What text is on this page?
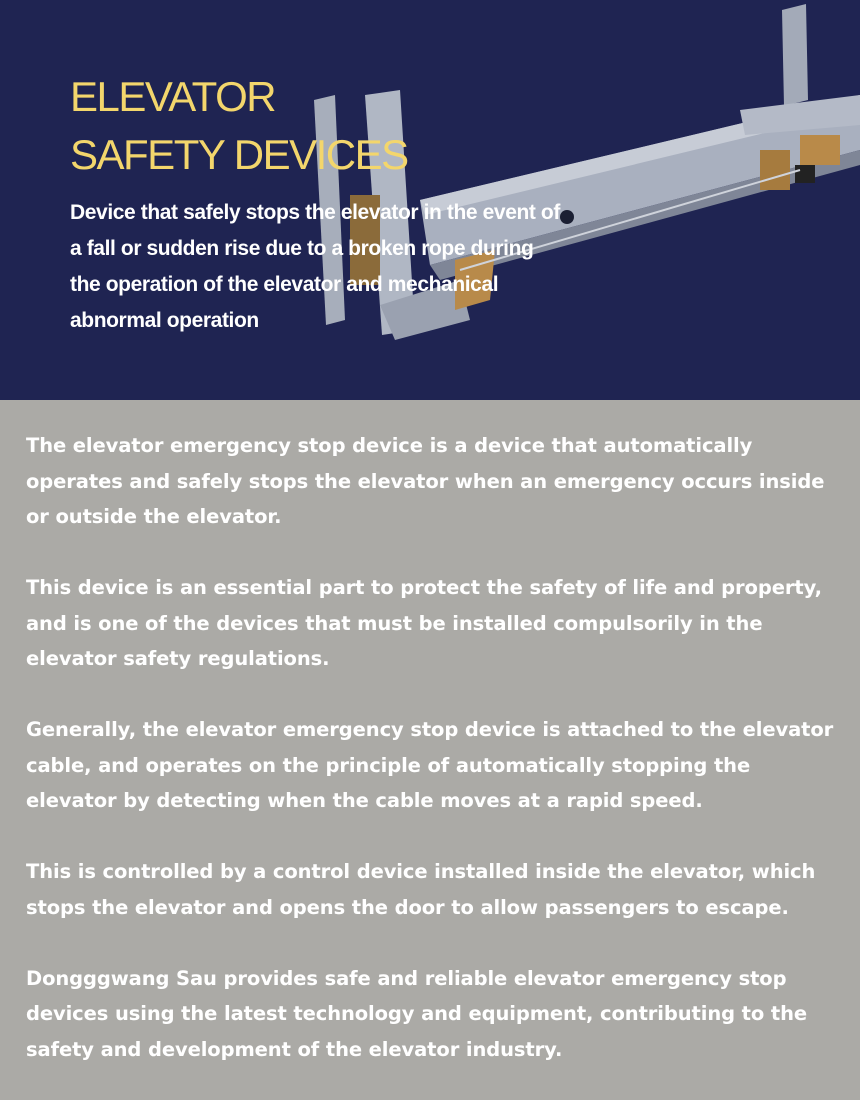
ELEVATOR
SAFETY DEVICES

Device that safely stops the elevator in the event of a fall or sudden rise due to a broken rope during the operation of the elevator and mechanical abnormal operation

The elevator emergency stop device is a device that automatically operates and safely stops the elevator when an emergency occurs inside or outside the elevator.

This device is an essential part to protect the safety of life and property, and is one of the devices that must be installed compulsorily in the elevator safety regulations.

Generally, the elevator emergency stop device is attached to the elevator cable, and operates on the principle of automatically stopping the elevator by detecting when the cable moves at a rapid speed.

This is controlled by a control device installed inside the elevator, which stops the elevator and opens the door to allow passengers to escape.

Dongggwang Sau provides safe and reliable elevator emergency stop devices using the latest technology and equipment, contributing to the safety and development of the elevator industry.
